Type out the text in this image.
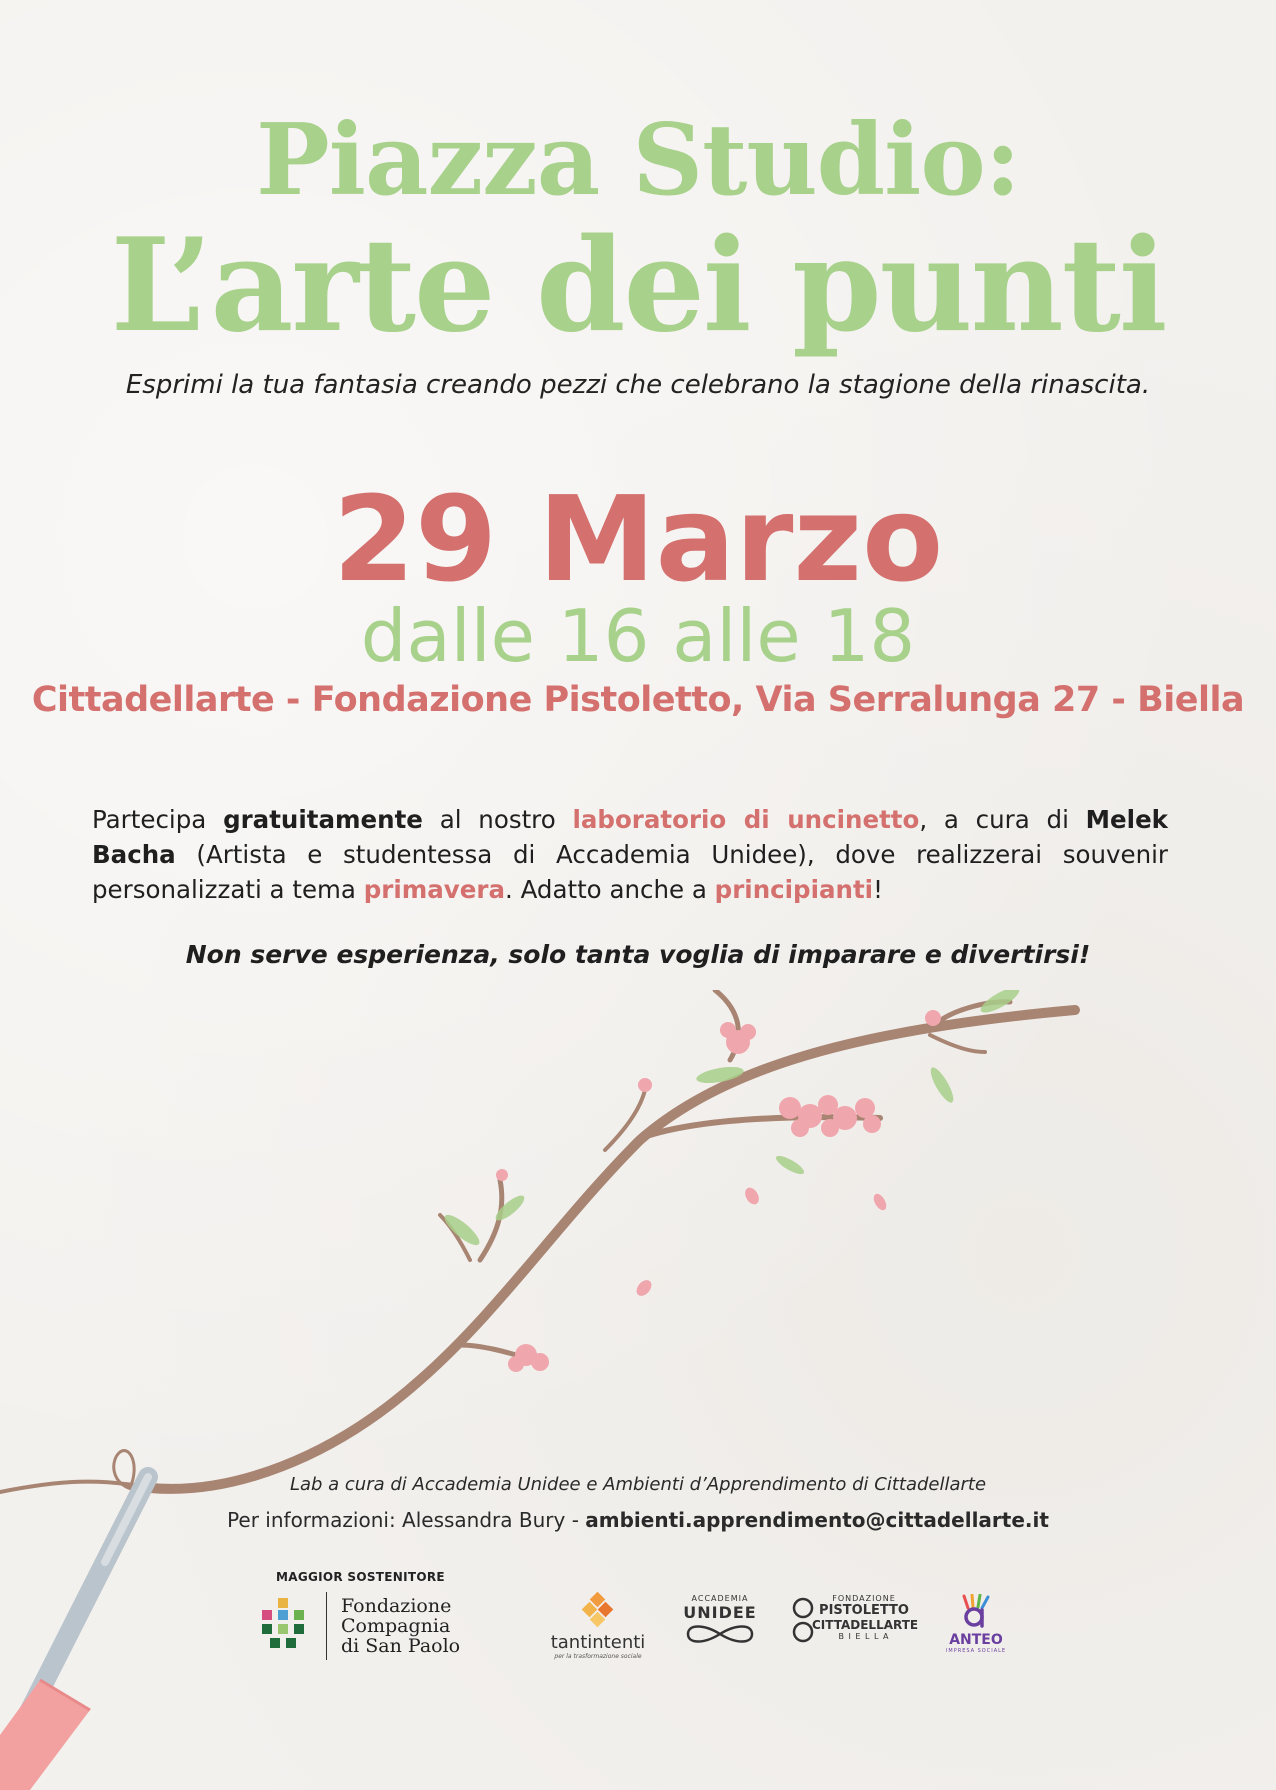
Piazza Studio:
L’arte dei punti
Esprimi la tua fantasia creando pezzi che celebrano la stagione della rinascita.
29 Marzo
dalle 16 alle 18
Cittadellarte - Fondazione Pistoletto, Via Serralunga 27 - Biella
Partecipa gratuitamente al nostro laboratorio di uncinetto, a cura di Melek Bacha (Artista e studentessa di Accademia Unidee), dove realizzerai souvenir personalizzati a tema primavera. Adatto anche a principianti!
Non serve esperienza, solo tanta voglia di imparare e divertirsi!
Lab a cura di Accademia Unidee e Ambienti d’Apprendimento di Cittadellarte
Per informazioni: Alessandra Bury - ambienti.apprendimento@cittadellarte.it
MAGGIOR SOSTENITORE
Fondazione
Compagnia
di San Paolo	tantintenti
per la trasformazione sociale
ACCADEMIA
UNIDEE
FONDAZIONE
PISTOLETTO
CITTADELLARTE
B I E L L A	ANTEO
IMPRESA SOCIALE
